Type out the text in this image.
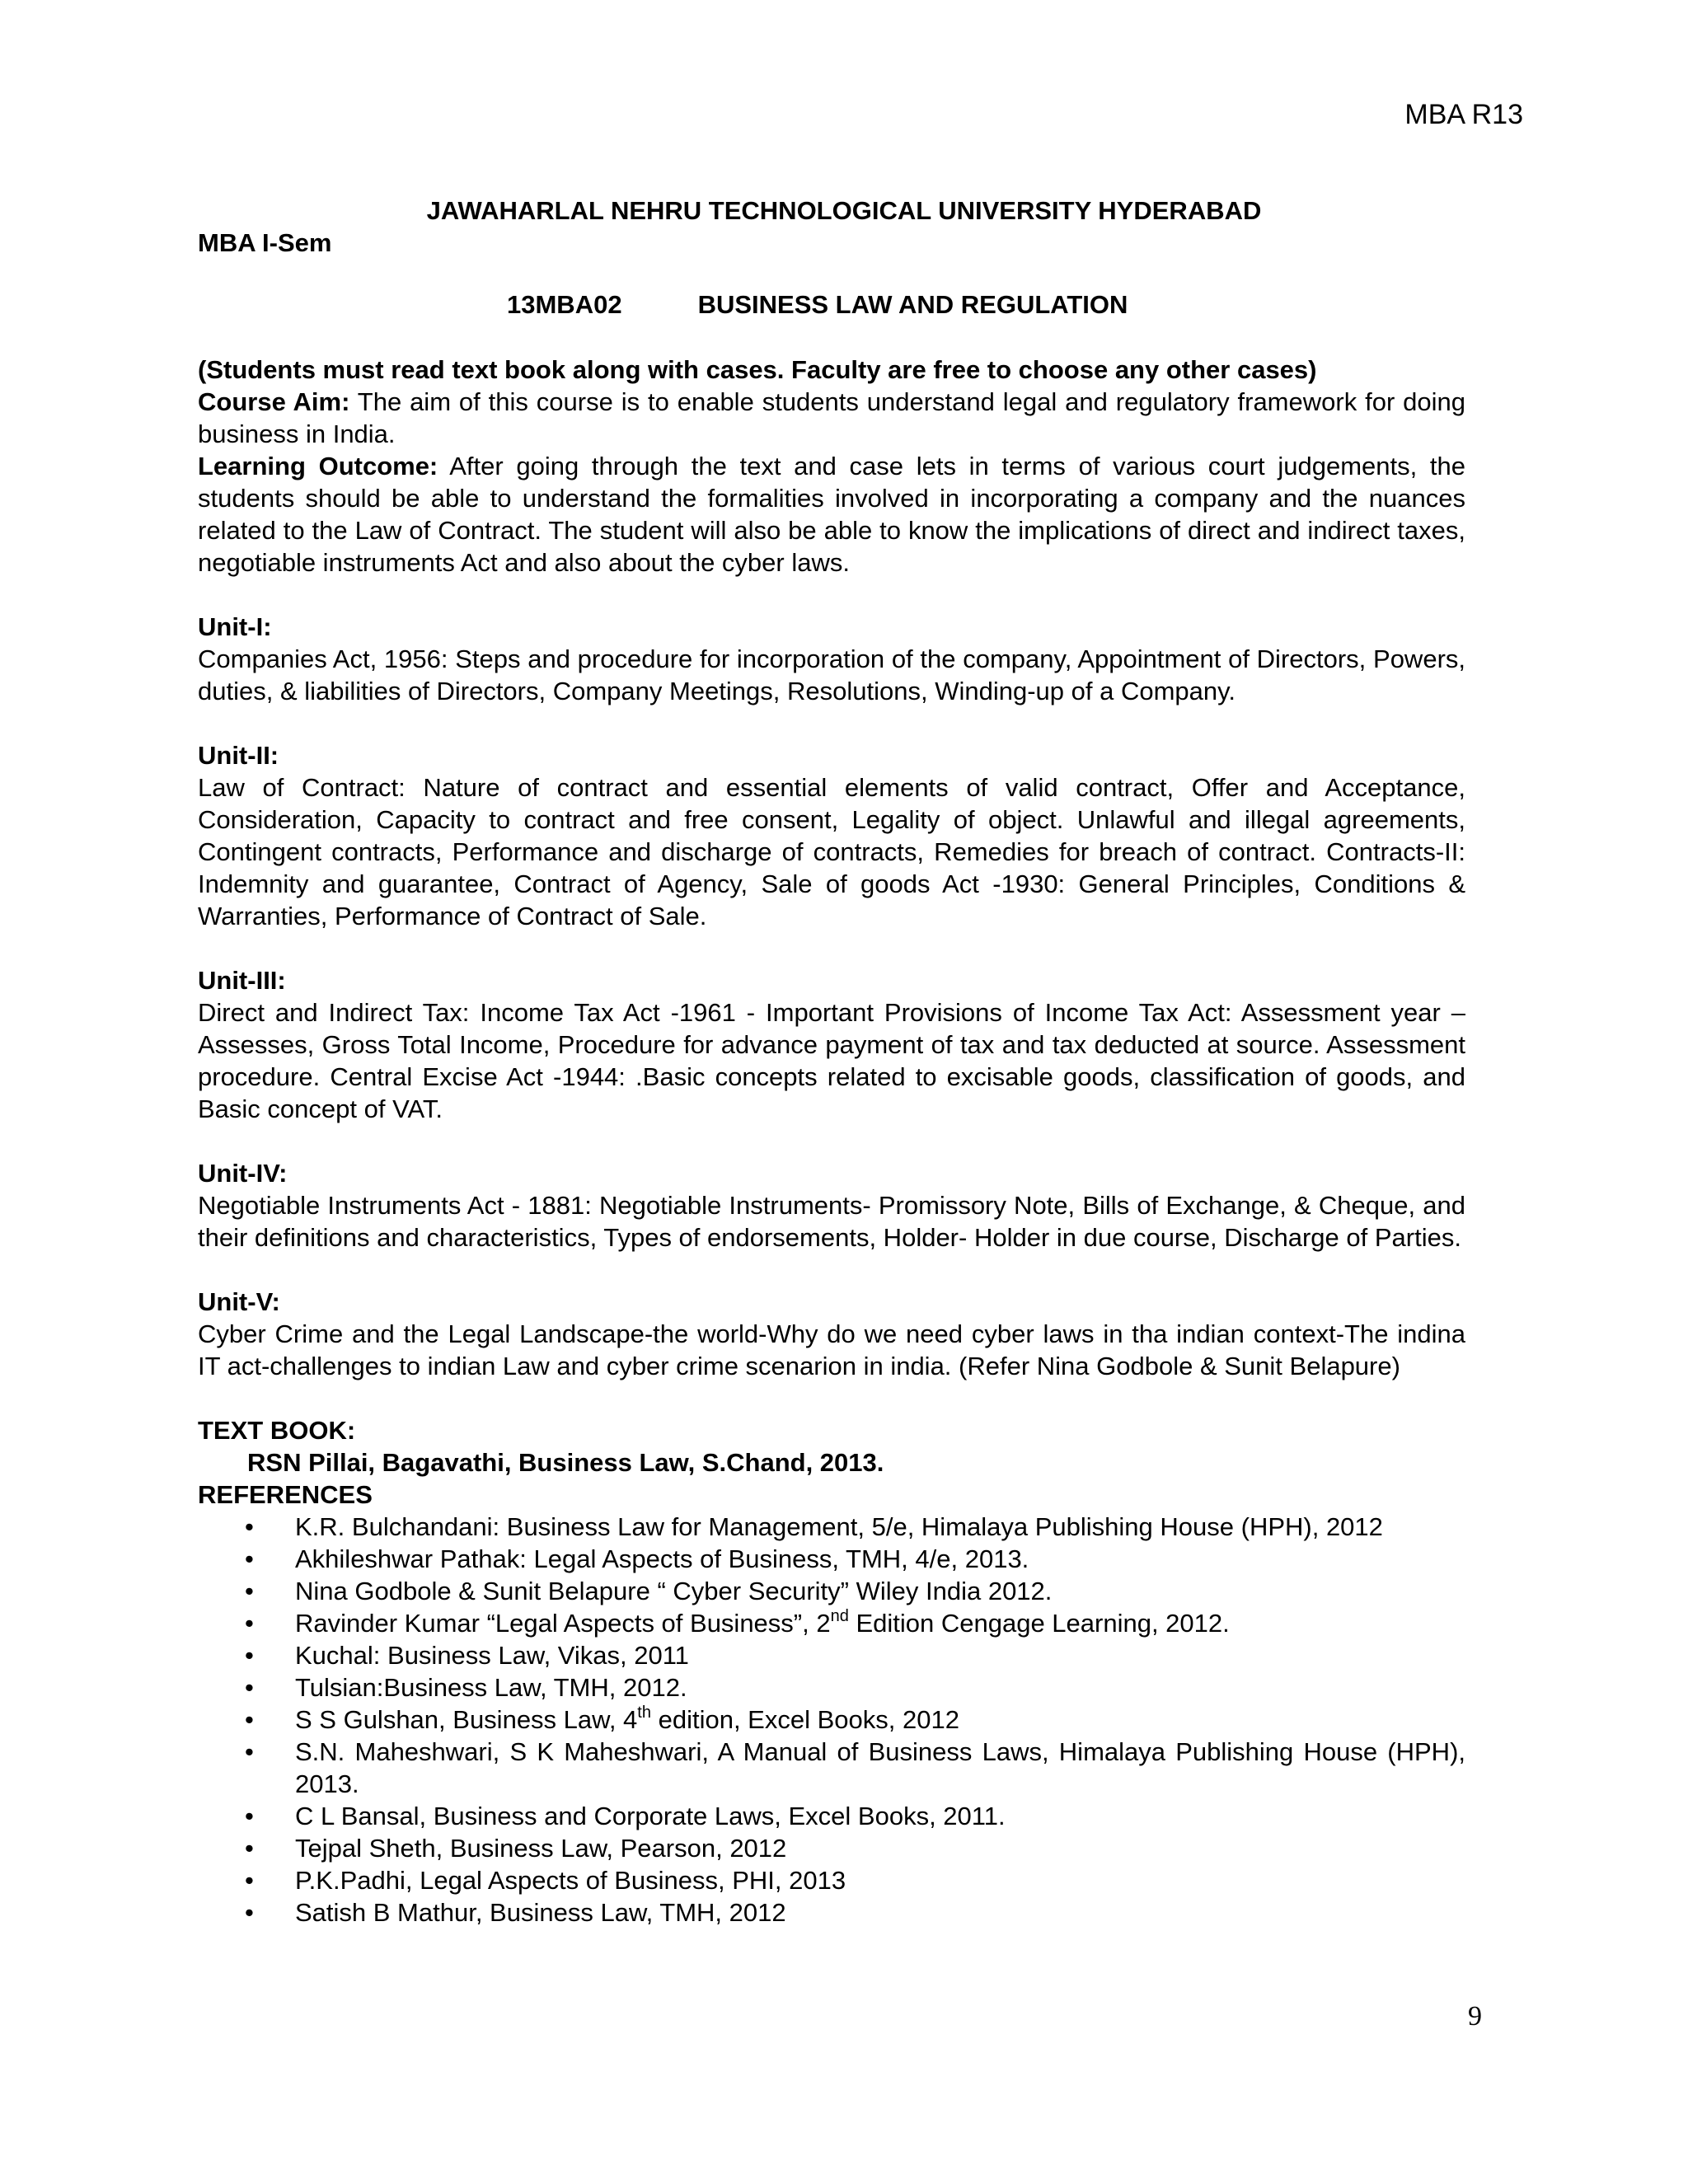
MBA R13
JAWAHARLAL NEHRU TECHNOLOGICAL UNIVERSITY HYDERABAD
MBA I-Sem
13MBA02	BUSINESS LAW AND REGULATION

(Students must read text book along with cases. Faculty are free to choose any other cases)

Course Aim: The aim of this course is to enable students understand legal and regulatory framework for doing business in India.

Learning Outcome: After going through the text and case lets in terms of various court judgements, the students should be able to understand the formalities involved in incorporating a company and the nuances related to the Law of Contract. The student will also be able to know the implications of direct and indirect taxes, negotiable instruments Act and also about the cyber laws.

Unit-I:

Companies Act, 1956: Steps and procedure for incorporation of the company, Appointment of Directors, Powers, duties, & liabilities of Directors, Company Meetings, Resolutions, Winding-up of a Company.

Unit-II:

Law of Contract: Nature of contract and essential elements of valid contract, Offer and Acceptance, Consideration, Capacity to contract and free consent, Legality of object. Unlawful and illegal agreements, Contingent contracts, Performance and discharge of contracts, Remedies for breach of contract. Contracts-II: Indemnity and guarantee, Contract of Agency, Sale of goods Act -1930: General Principles, Conditions & Warranties, Performance of Contract of Sale.

Unit-III:

Direct and Indirect Tax: Income Tax Act -1961 - Important Provisions of Income Tax Act: Assessment year –Assesses, Gross Total Income, Procedure for advance payment of tax and tax deducted at source. Assessment procedure. Central Excise Act -1944: .Basic concepts related to excisable goods, classification of goods, and Basic concept of VAT.

Unit-IV:

Negotiable Instruments Act - 1881: Negotiable Instruments- Promissory Note, Bills of Exchange, & Cheque, and their definitions and characteristics, Types of endorsements, Holder- Holder in due course, Discharge of Parties.

Unit-V:

Cyber Crime and the Legal Landscape-the world-Why do we need cyber laws in tha indian context-The indina IT act-challenges to indian Law and cyber crime scenarion in india. (Refer Nina Godbole & Sunit Belapure)

TEXT BOOK:

RSN Pillai, Bagavathi, Business Law, S.Chand, 2013.

REFERENCES

• K.R. Bulchandani: Business Law for Management, 5/e, Himalaya Publishing House (HPH), 2012
• Akhileshwar Pathak: Legal Aspects of Business, TMH, 4/e, 2013.
• Nina Godbole & Sunit Belapure “ Cyber Security” Wiley India 2012.
• Ravinder Kumar “Legal Aspects of Business”, 2nd Edition Cengage Learning, 2012.
• Kuchal: Business Law, Vikas, 2011
• Tulsian:Business Law, TMH, 2012.
• S S Gulshan, Business Law, 4th edition, Excel Books, 2012
• S.N. Maheshwari, S K Maheshwari, A Manual of Business Laws, Himalaya Publishing House (HPH), 2013.
• C L Bansal, Business and Corporate Laws, Excel Books, 2011.
• Tejpal Sheth, Business Law, Pearson, 2012
• P.K.Padhi, Legal Aspects of Business, PHI, 2013
• Satish B Mathur, Business Law, TMH, 2012
9
